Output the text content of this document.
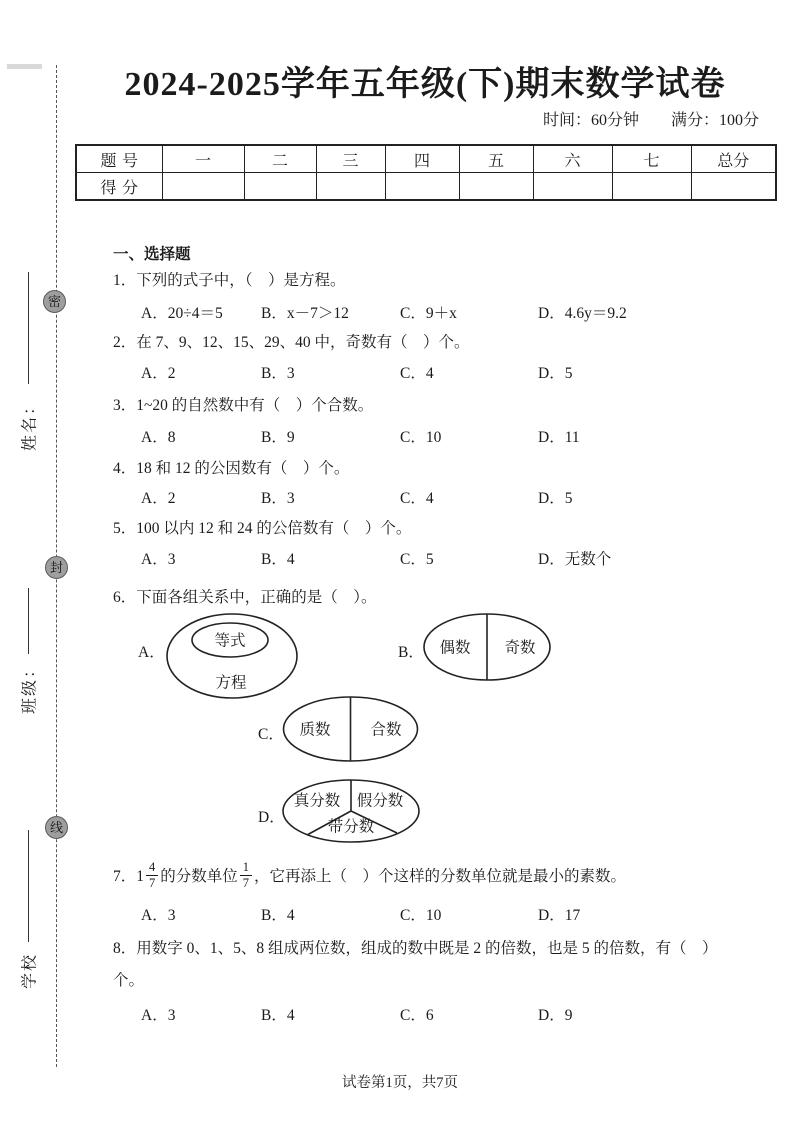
密
封
线
姓名：
班级：
学校
2024-2025学年五年级(下)期末数学试卷
时间：60分钟 满分：100分
题号	一	二	三	四	五	六	七	总分
得分								
一、选择题
1．下列的式子中，（　）是方程。
A．20÷4＝5 B．x－7＞12	C．9＋x	D．4.6y＝9.2
2．在 7、9、12、15、29、40 中，奇数有（　）个。
A．2	B．3	C．4	D．5
3．1~20 的自然数中有（　）个合数。
A．8	B．9	C．10	D．11
4．18 和 12 的公因数有（　）个。
A．2	B．3	C．4	D．5
5．100 以内 12 和 24 的公倍数有（　）个。
A．3	B．4	C．5	D．无数个
6．下面各组关系中，正确的是（　）。
A．
等式
方程
B． 偶数 奇数
C． 质数	合数
D．
真分数 假分数
带分数
7．$1 \frac{4}{7}$ 的分数单位 $\frac{1}{7}$ ，它再添上（　）个这样的分数单位就是最小的素数。
A．3	B．4	C．10	D．17
8．用数字 0、1、5、8 组成两位数，组成的数中既是 2 的倍数，也是 5 的倍数，有（　）
个。
A．3	B．4	C．6	D．9
试卷第1页，共7页
